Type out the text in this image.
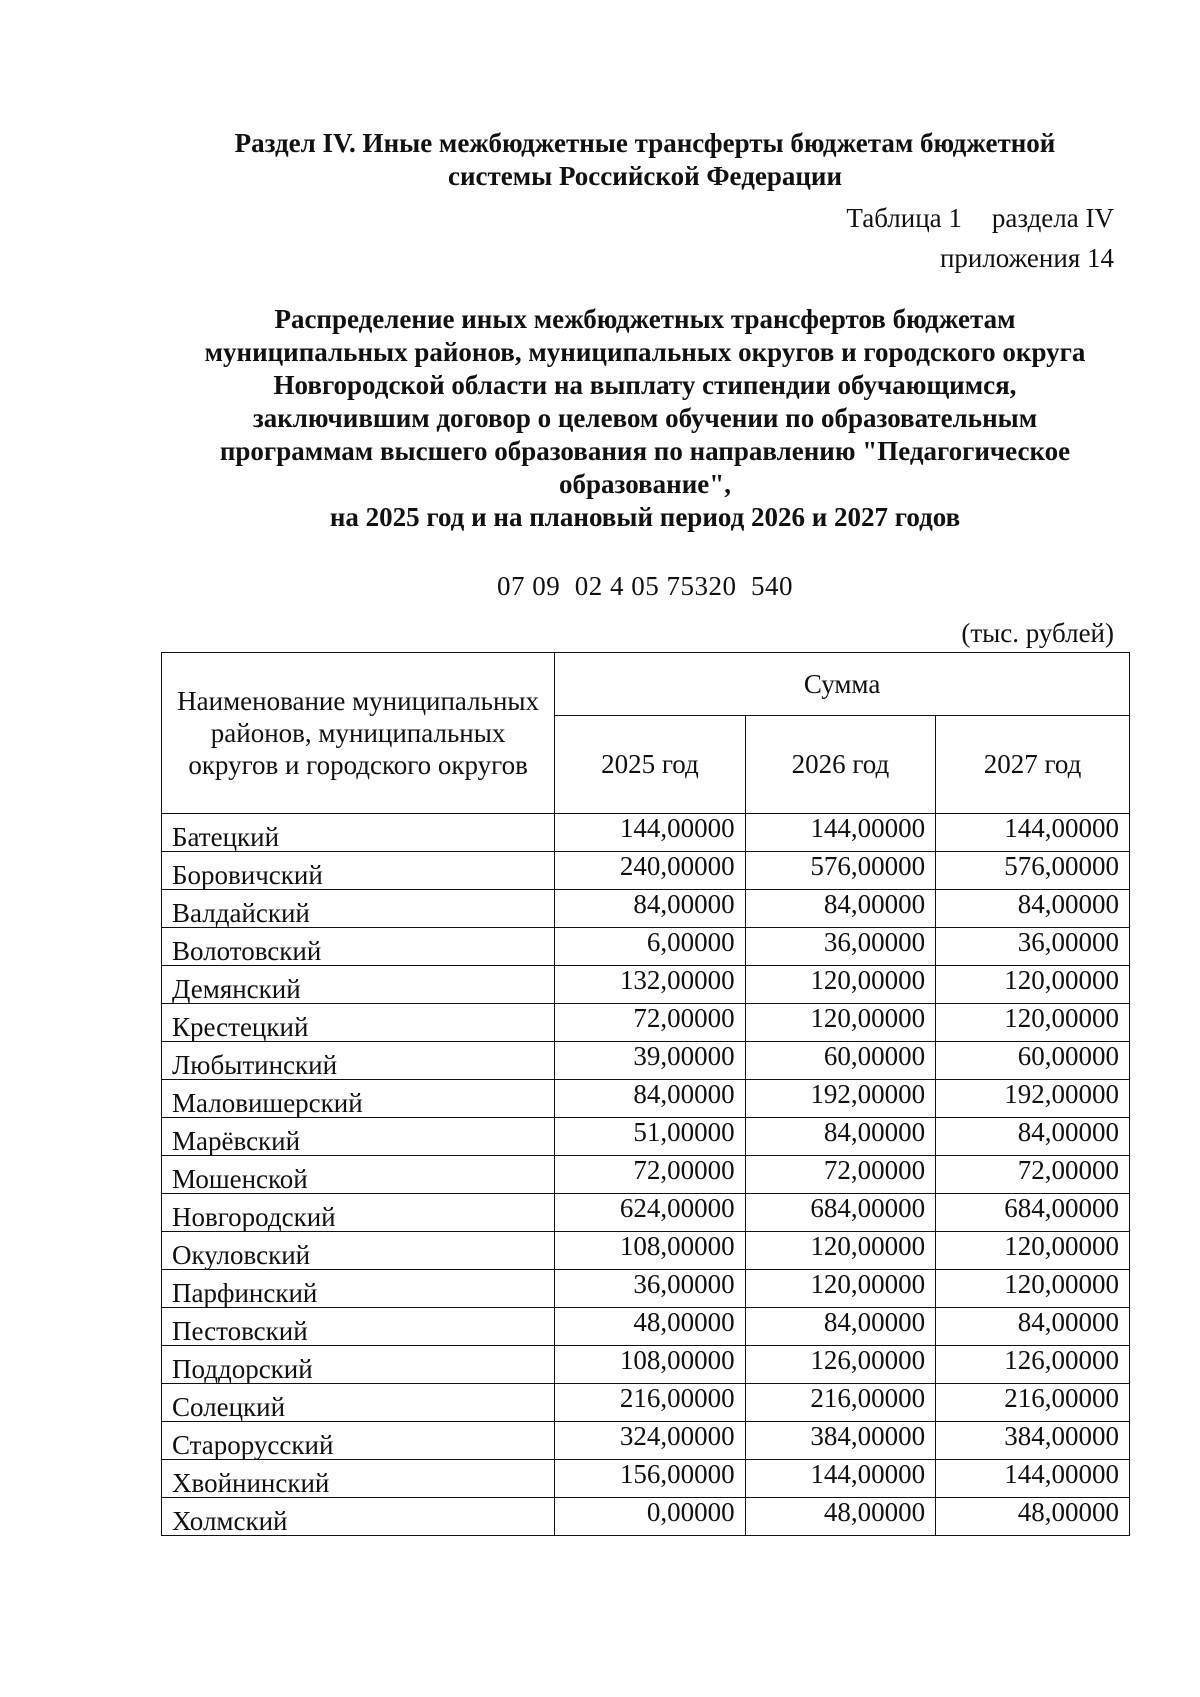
Раздел IV. Иные межбюджетные трансферты бюджетам бюджетной
системы Российской Федерации
Таблица 1 раздела IV
приложения 14
Распределение иных межбюджетных трансфертов бюджетам
муниципальных районов, муниципальных округов и городского округа
Новгородской области на выплату стипендии обучающимся,
заключившим договор о целевом обучении по образовательным
программам высшего образования по направлению "Педагогическое
образование",
на 2025 год и на плановый период 2026 и 2027 годов
07 09  02 4 05 75320  540
(тыс. рублей)
Наименование муниципальных районов, муниципальных округов и городского округов	Сумма		
	2025 год	2026 год	2027 год
Батецкий	144,00000	144,00000	144,00000
Боровичский	240,00000	576,00000	576,00000
Валдайский	84,00000	84,00000	84,00000
Волотовский	6,00000	36,00000	36,00000
Демянский	132,00000	120,00000	120,00000
Крестецкий	72,00000	120,00000	120,00000
Любытинский	39,00000	60,00000	60,00000
Маловишерский	84,00000	192,00000	192,00000
Марёвский	51,00000	84,00000	84,00000
Мошенской	72,00000	72,00000	72,00000
Новгородский	624,00000	684,00000	684,00000
Окуловский	108,00000	120,00000	120,00000
Парфинский	36,00000	120,00000	120,00000
Пестовский	48,00000	84,00000	84,00000
Поддорский	108,00000	126,00000	126,00000
Солецкий	216,00000	216,00000	216,00000
Старорусский	324,00000	384,00000	384,00000
Хвойнинский	156,00000	144,00000	144,00000
Холмский	0,00000	48,00000	48,00000
